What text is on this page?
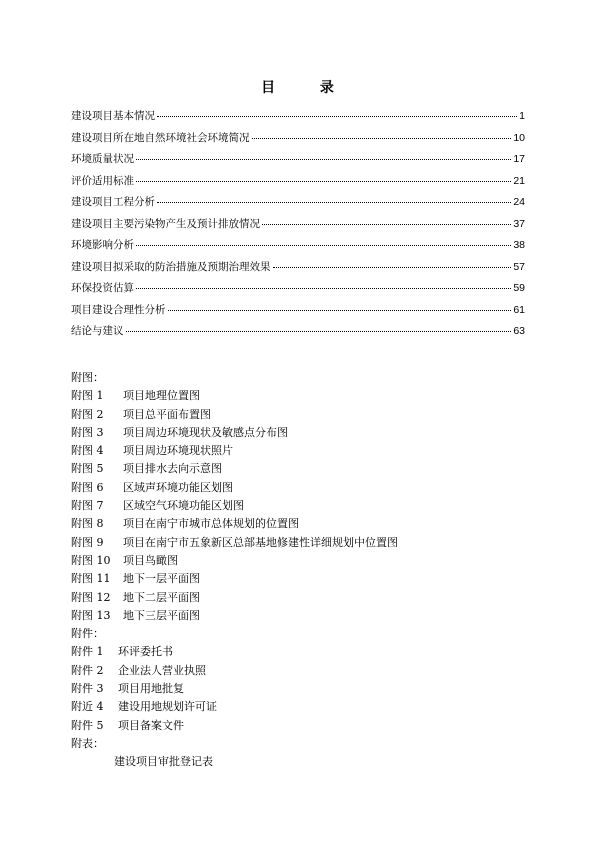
目 录
建设项目基本情况	1
建设项目所在地自然环境社会环境简况	10
环境质量状况	17
评价适用标准	21
建设项目工程分析	24
建设项目主要污染物产生及预计排放情况	37
环境影响分析	38
建设项目拟采取的防治措施及预期治理效果	57
环保投资估算	59
项目建设合理性分析	61
结论与建议	63
附图：
附图 1 项目地理位置图
附图 2 项目总平面布置图
附图 3 项目周边环境现状及敏感点分布图
附图 4 项目周边环境现状照片
附图 5 项目排水去向示意图
附图 6 区域声环境功能区划图
附图 7 区域空气环境功能区划图
附图 8 项目在南宁市城市总体规划的位置图
附图 9 项目在南宁市五象新区总部基地修建性详细规划中位置图
附图 10 项目鸟瞰图
附图 11 地下一层平面图
附图 12 地下二层平面图
附图 13 地下三层平面图
附件：
附件 1 环评委托书
附件 2 企业法人营业执照
附件 3 项目用地批复
附近 4 建设用地规划许可证
附件 5 项目备案文件
附表：
建设项目审批登记表
